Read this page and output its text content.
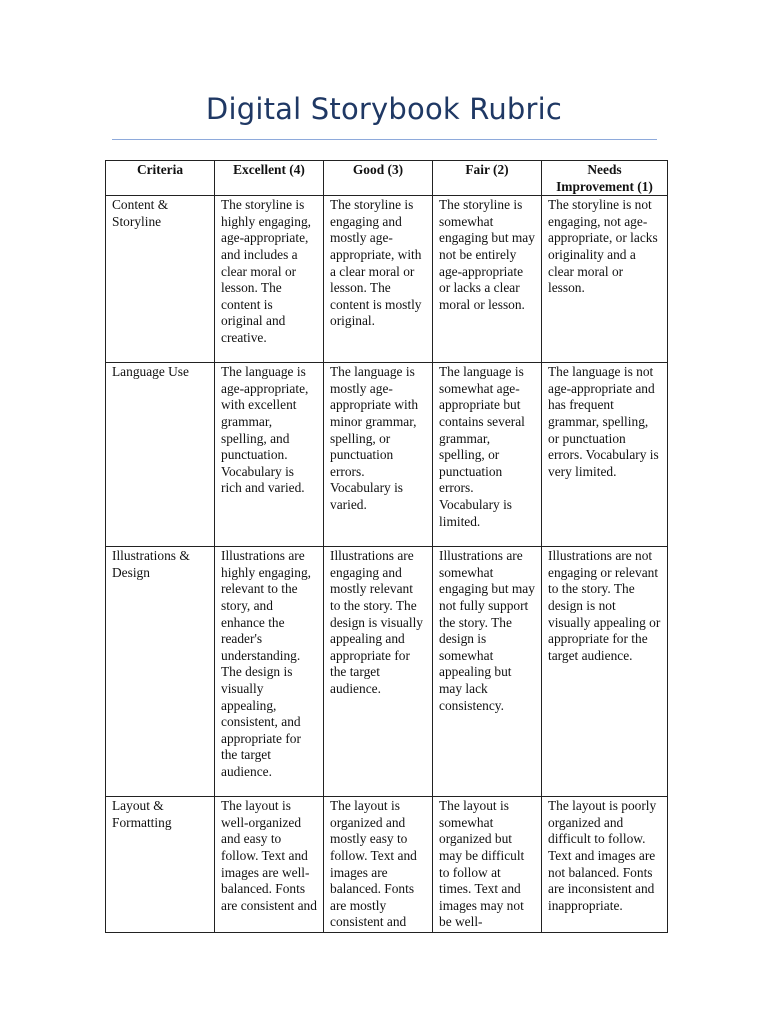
Digital Storybook Rubric
Criteria	Excellent (4)	Good (3)	Fair (2)	Needs Improvement (1)
Content & Storyline	The storyline is highly engaging, age-appropriate, and includes a clear moral or lesson. The content is original and creative.	The storyline is engaging and mostly age-appropriate, with a clear moral or lesson. The content is mostly original.	The storyline is somewhat engaging but may not be entirely age-appropriate or lacks a clear moral or lesson.	The storyline is not engaging, not age-appropriate, or lacks originality and a clear moral or lesson.
Language Use	The language is age-appropriate, with excellent grammar, spelling, and punctuation. Vocabulary is rich and varied.	The language is mostly age-appropriate with minor grammar, spelling, or punctuation errors. Vocabulary is varied.	The language is somewhat age-appropriate but contains several grammar, spelling, or punctuation errors. Vocabulary is limited.	The language is not age-appropriate and has frequent grammar, spelling, or punctuation errors. Vocabulary is very limited.
Illustrations & Design	Illustrations are highly engaging, relevant to the story, and enhance the reader's understanding. The design is visually appealing, consistent, and appropriate for the target audience.	Illustrations are engaging and mostly relevant to the story. The design is visually appealing and appropriate for the target audience.	Illustrations are somewhat engaging but may not fully support the story. The design is somewhat appealing but may lack consistency.	Illustrations are not engaging or relevant to the story. The design is not visually appealing or appropriate for the target audience.

Layout & Formatting	The layout is well-organized and easy to follow. Text and images are well-balanced. Fonts are consistent and	The layout is organized and mostly easy to follow. Text and images are balanced. Fonts are mostly consistent and	The layout is somewhat organized but may be difficult to follow at times. Text and images may not be well-	The layout is poorly organized and difficult to follow. Text and images are not balanced. Fonts are inconsistent and inappropriate.
